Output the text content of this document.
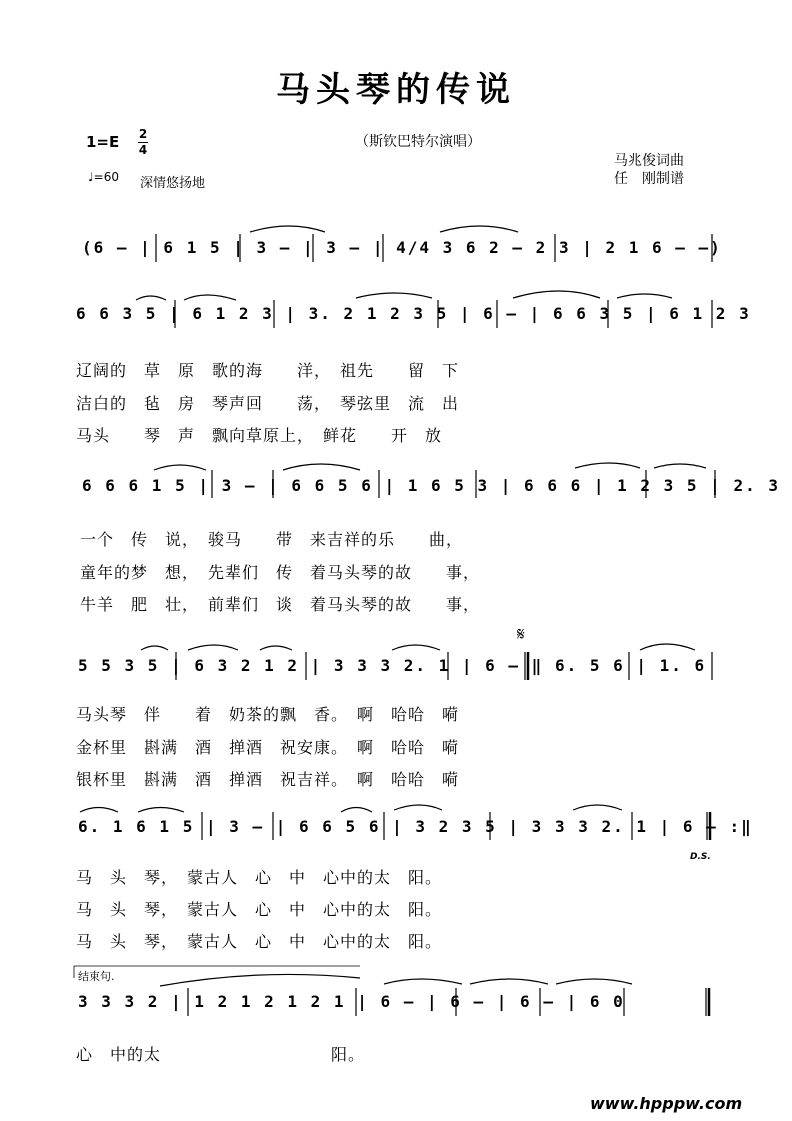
马头琴的传说
（斯钦巴特尔演唱）
1=E 2
4
♩=60 深情悠扬地
马兆俊词曲
任　刚制谱
(6 – | 6 1 5 | 3 – | 3 – | 4/4 3 6 2 – 2 3 | 2 1 6 – –)
6 6 3 5 | 6 1 2 3 | 3. 2 1 2 3 5 | 6 – | 6 6 3 5 | 6 1 2 3
辽阔的　草　原　歌的海　　洋，　祖先　　留　下
洁白的　毡　房　琴声回　　荡，　琴弦里　流　出
马头　　琴　声　飘向草原上，　鲜花　　开　放
6 6 6 1 5 | 3 – | 6 6 5 6 | 1 6 5 3 | 6 6 6 | 1 2 3 5 | 2. 3
一个　传　说，　骏马　　带　来吉祥的乐　　曲，
童年的梦　想，　先辈们　传　着马头琴的故　　事，
牛羊　肥　壮，　前辈们　谈　着马头琴的故　　事，
𝄋
5 5 3 5 | 6 3 2 1 2 | 3 3 3 2. 1 | 6 – ‖ 6. 5 6 | 1. 6
马头琴　伴　　着　奶茶的飘　香。　啊　哈哈　嗬
金杯里　斟满　酒　掸酒　祝安康。　啊　哈哈　嗬
银杯里　斟满　酒　掸酒　祝吉祥。　啊　哈哈　嗬
6. 1 6 1 5 | 3 – | 6 6 5 6 | 3 2 3 5 | 3 3 3 2. 1 | 6 – :‖
D.S.
马　头　琴，　蒙古人　心　中　心中的太　阳。
马　头　琴，　蒙古人　心　中　心中的太　阳。
马　头　琴，　蒙古人　心　中　心中的太　阳。
结束句.
3 3 3 2 | 1 2 1 2 1 2 1 | 6 – | 6 – | 6 – | 6 0
心　中的太　　　　　　　　　　阳。
www.hpppw.com
